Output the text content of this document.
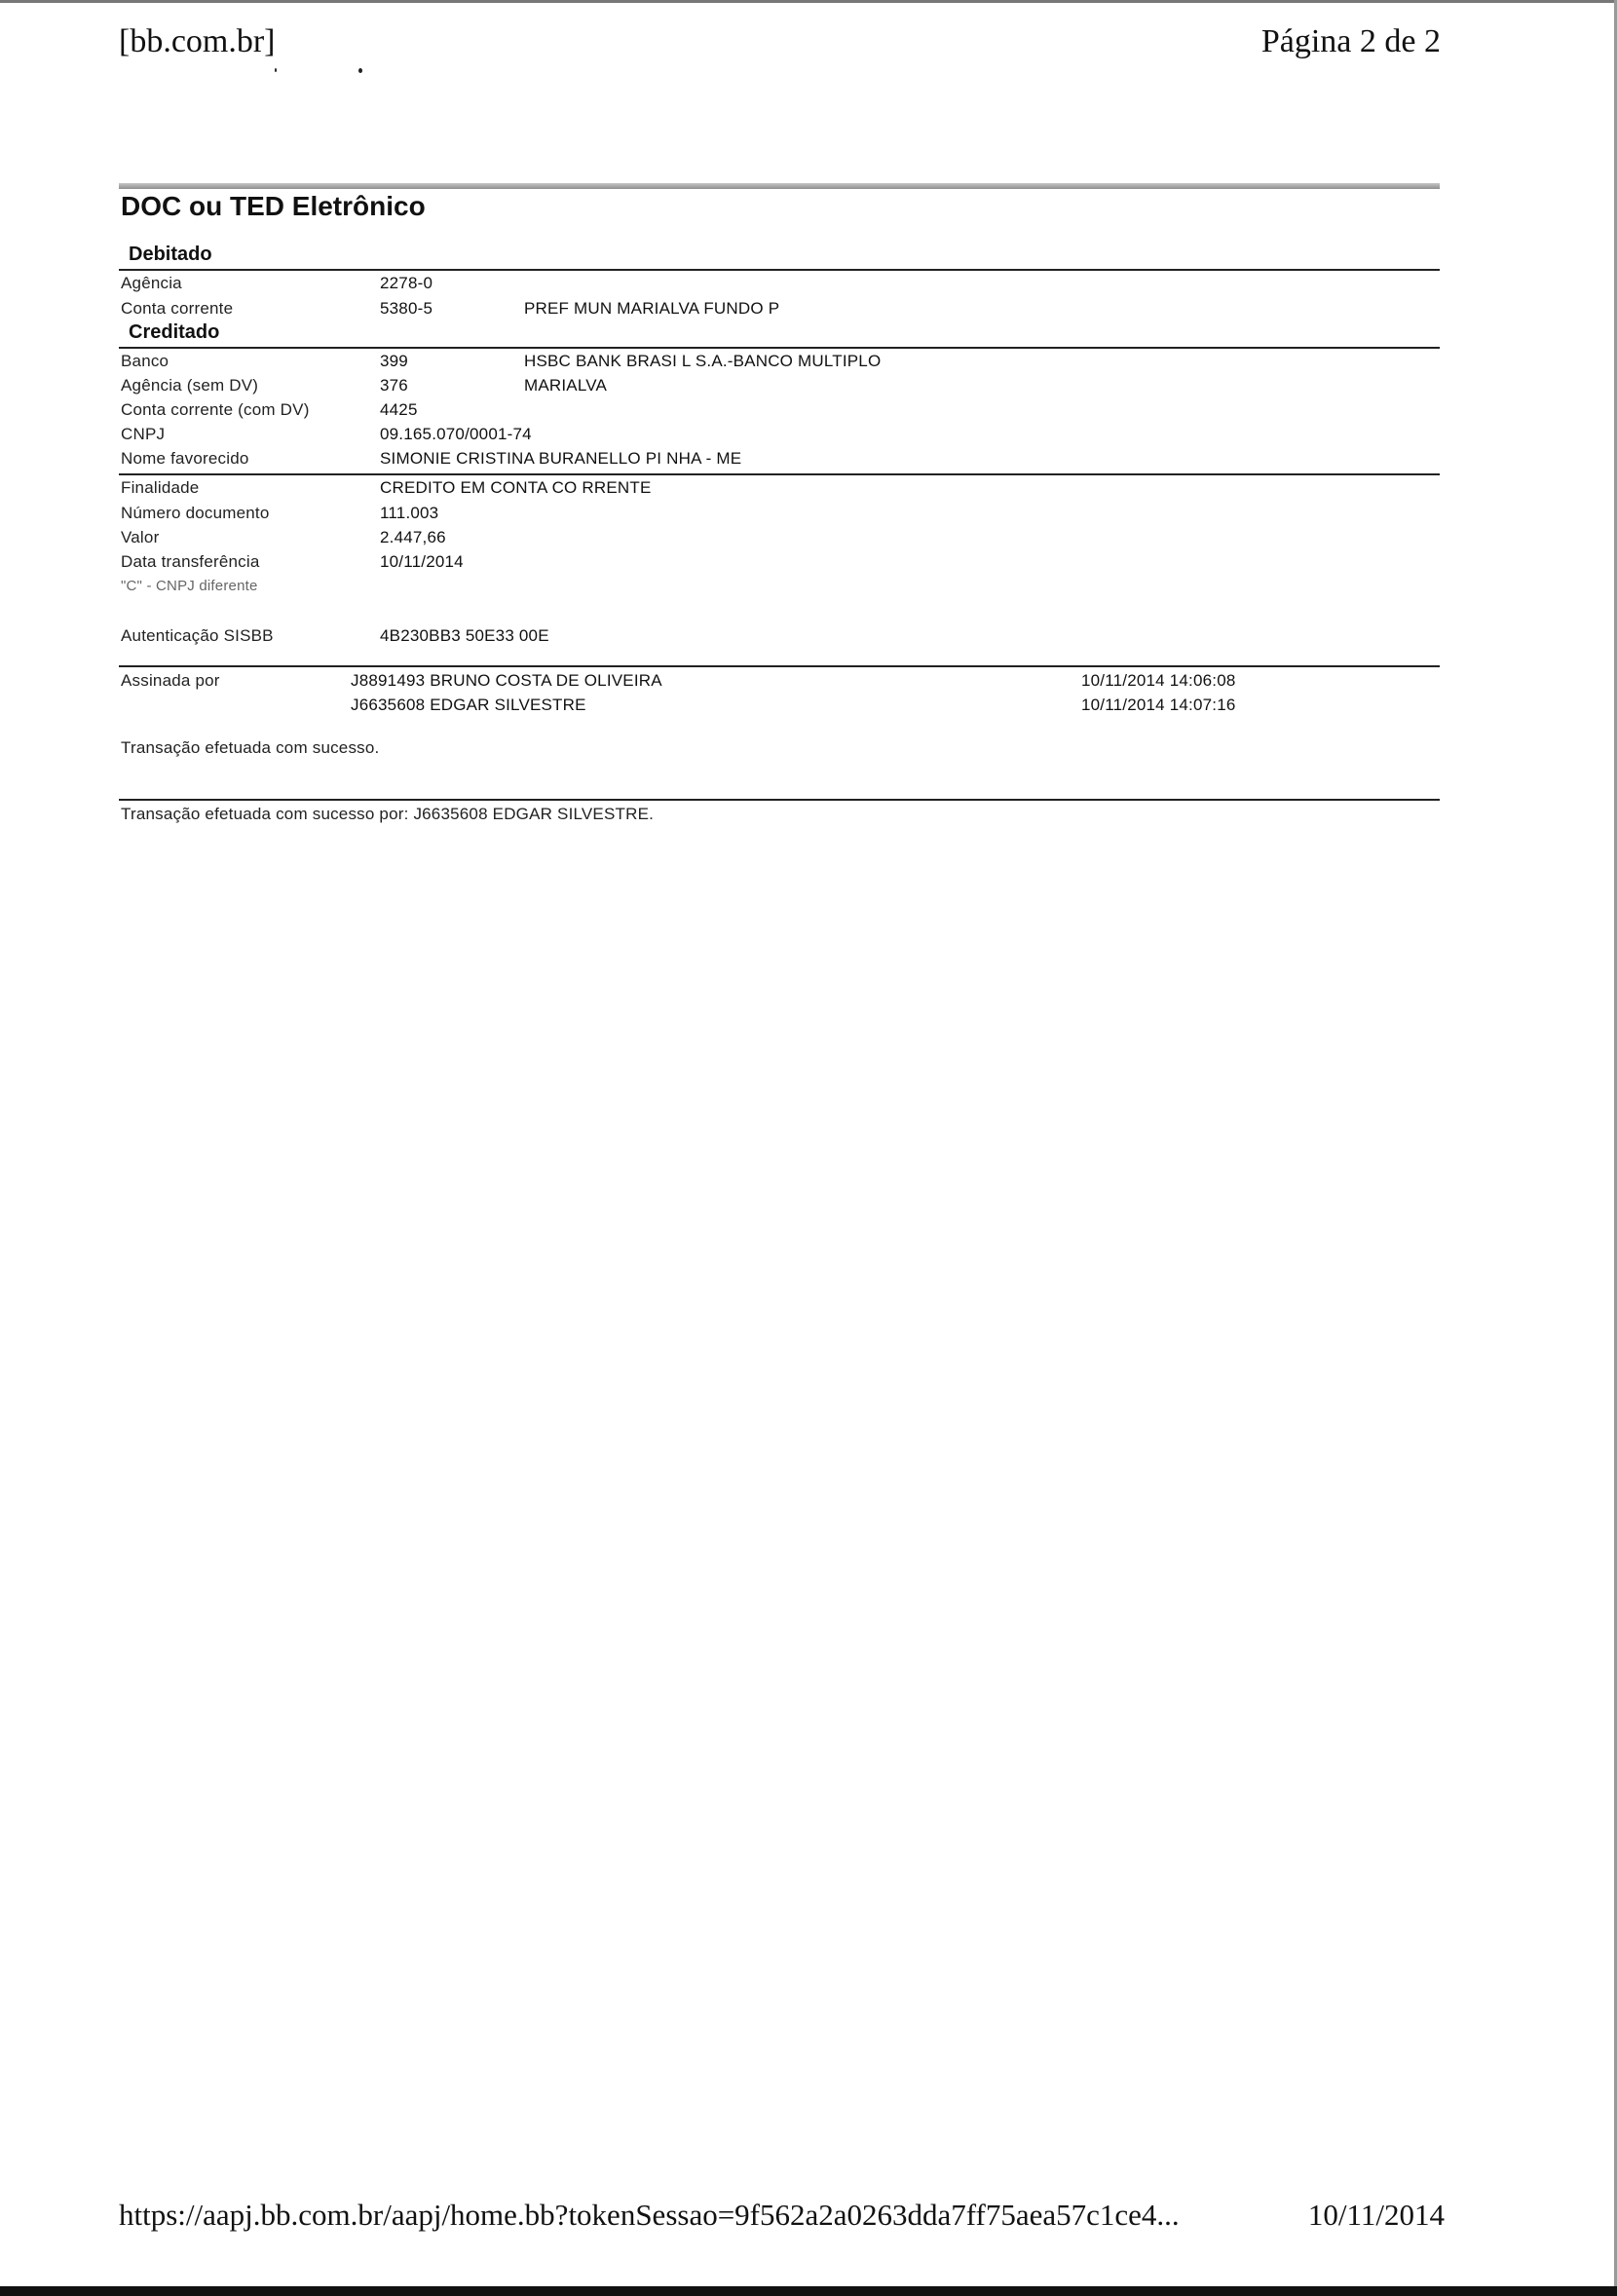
[bb.com.br]	Página 2 de 2
DOC ou TED Eletrônico
Debitado
Agência	2278-0
Conta corrente	5380-5	PREF MUN MARIALVA FUNDO P
Creditado
Banco	399	HSBC BANK BRASI L S.A.-BANCO MULTIPLO
Agência (sem DV)	376	MARIALVA
Conta corrente (com DV)	4425
CNPJ	09.165.070/0001-74
Nome favorecido	SIMONIE CRISTINA BURANELLO PI NHA - ME
Finalidade	CREDITO EM CONTA CO RRENTE
Número documento	111.003
Valor	2.447,66
Data transferência	10/11/2014
"C" - CNPJ diferente
Autenticação SISBB	4B230BB3 50E33 00E
Assinada por	J8891493 BRUNO COSTA DE OLIVEIRA	10/11/2014 14:06:08
J6635608 EDGAR SILVESTRE	10/11/2014 14:07:16
Transação efetuada com sucesso.
Transação efetuada com sucesso por: J6635608 EDGAR SILVESTRE.
https://aapj.bb.com.br/aapj/home.bb?tokenSessao=9f562a2a0263dda7ff75aea57c1ce4...	10/11/2014
